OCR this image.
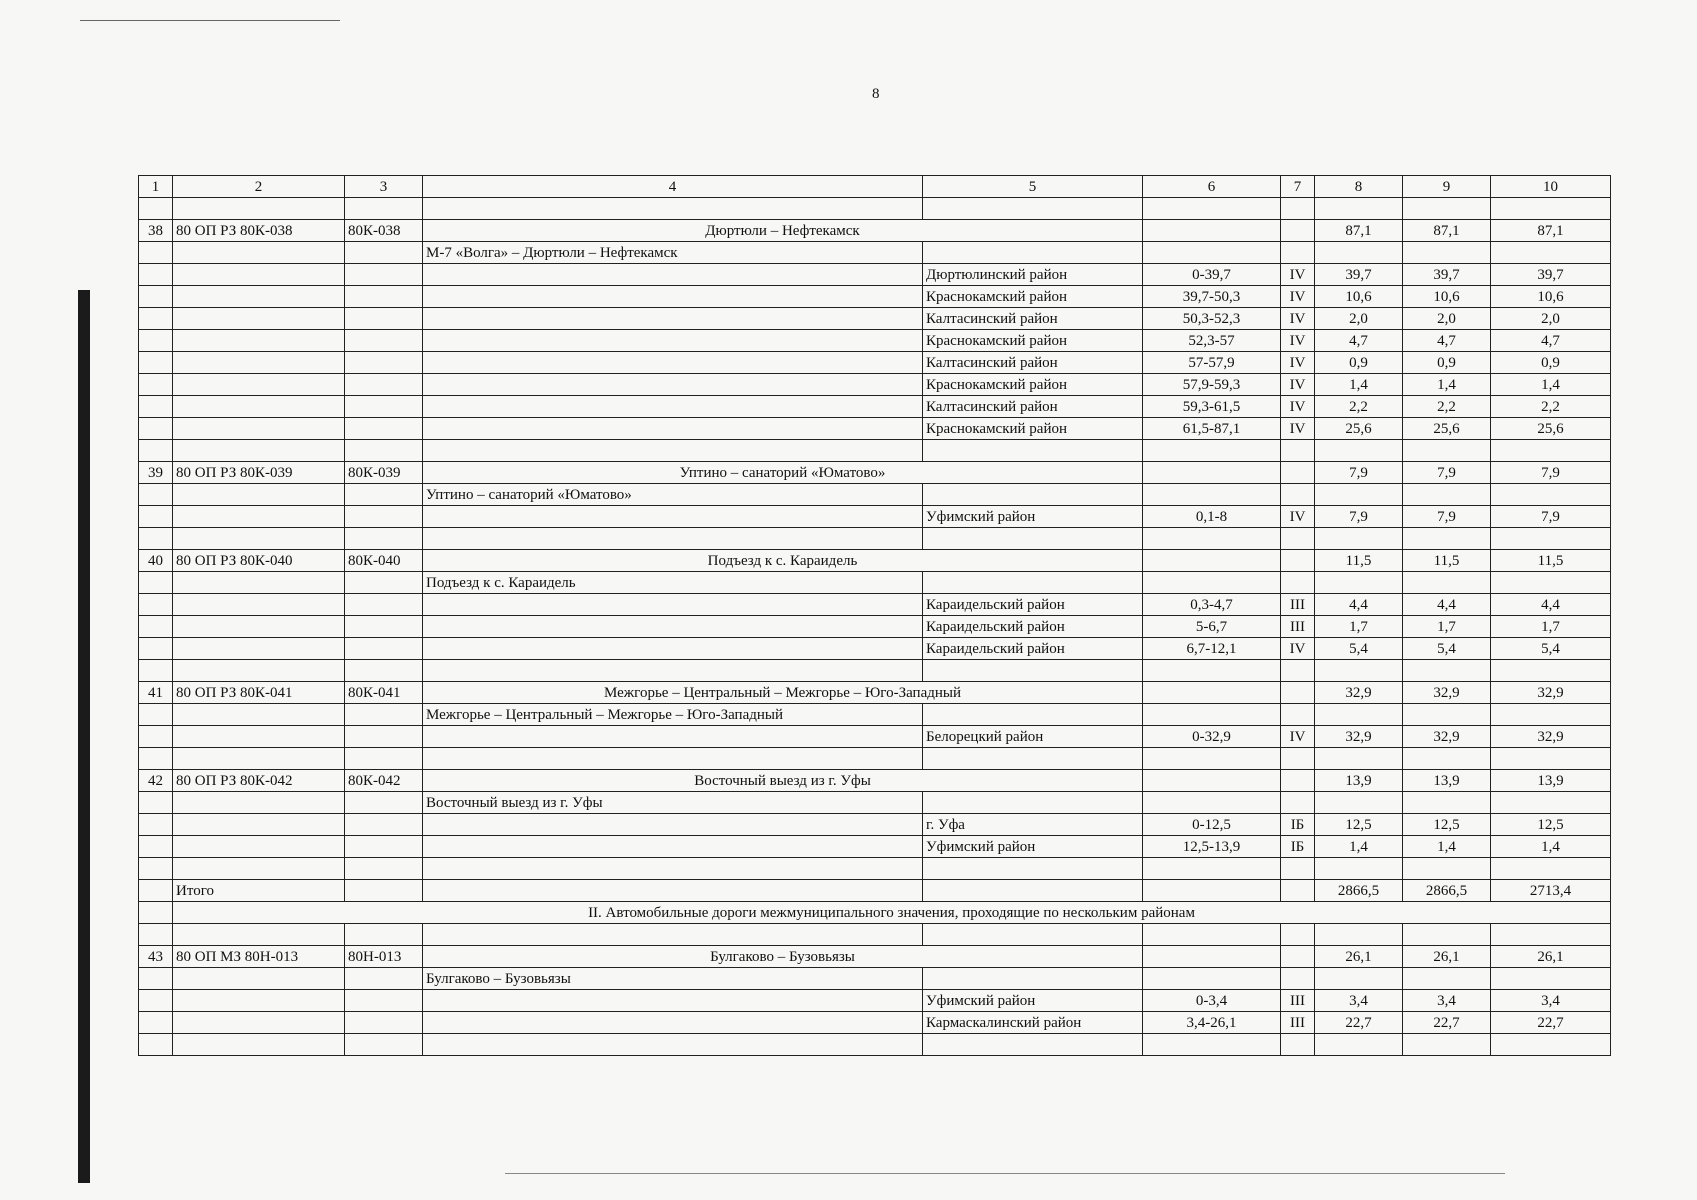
8
1	2	3	4	5	6	7	8	9	10

38	80 ОП РЗ 80К-038	80К-038	Дюртюли – Нефтекамск				87,1	87,1	87,1
			М-7 «Волга» – Дюртюли – Нефтекамск						
				Дюртюлинский район	0-39,7	IV	39,7	39,7	39,7
				Краснокамский район	39,7-50,3	IV	10,6	10,6	10,6
				Калтасинский район	50,3-52,3	IV	2,0	2,0	2,0
				Краснокамский район	52,3-57	IV	4,7	4,7	4,7
				Калтасинский район	57-57,9	IV	0,9	0,9	0,9
				Краснокамский район	57,9-59,3	IV	1,4	1,4	1,4
				Калтасинский район	59,3-61,5	IV	2,2	2,2	2,2
				Краснокамский район	61,5-87,1	IV	25,6	25,6	25,6

39	80 ОП РЗ 80К-039	80К-039	Уптино – санаторий «Юматово»				7,9	7,9	7,9
			Уптино – санаторий «Юматово»						
				Уфимский район	0,1-8	IV	7,9	7,9	7,9

40	80 ОП РЗ 80К-040	80К-040	Подъезд к с. Караидель				11,5	11,5	11,5
			Подъезд к с. Караидель						
				Караидельский район	0,3-4,7	III	4,4	4,4	4,4
				Караидельский район	5-6,7	III	1,7	1,7	1,7
				Караидельский район	6,7-12,1	IV	5,4	5,4	5,4

41	80 ОП РЗ 80К-041	80К-041	Межгорье – Центральный – Межгорье – Юго-Западный				32,9	32,9	32,9
			Межгорье – Центральный – Межгорье – Юго-Западный						
				Белорецкий район	0-32,9	IV	32,9	32,9	32,9

42	80 ОП РЗ 80К-042	80К-042	Восточный выезд из г. Уфы				13,9	13,9	13,9
			Восточный выезд из г. Уфы						
				г. Уфа	0-12,5	IБ	12,5	12,5	12,5
				Уфимский район	12,5-13,9	IБ	1,4	1,4	1,4

	Итого						2866,5	2866,5	2713,4
	II. Автомобильные дороги межмуниципального значения, проходящие по нескольким районам								

43	80 ОП МЗ 80Н-013	80Н-013	Булгаково – Бузовьязы				26,1	26,1	26,1
			Булгаково – Бузовьязы						
				Уфимский район	0-3,4	III	3,4	3,4	3,4
				Кармаскалинский район	3,4-26,1	III	22,7	22,7	22,7
